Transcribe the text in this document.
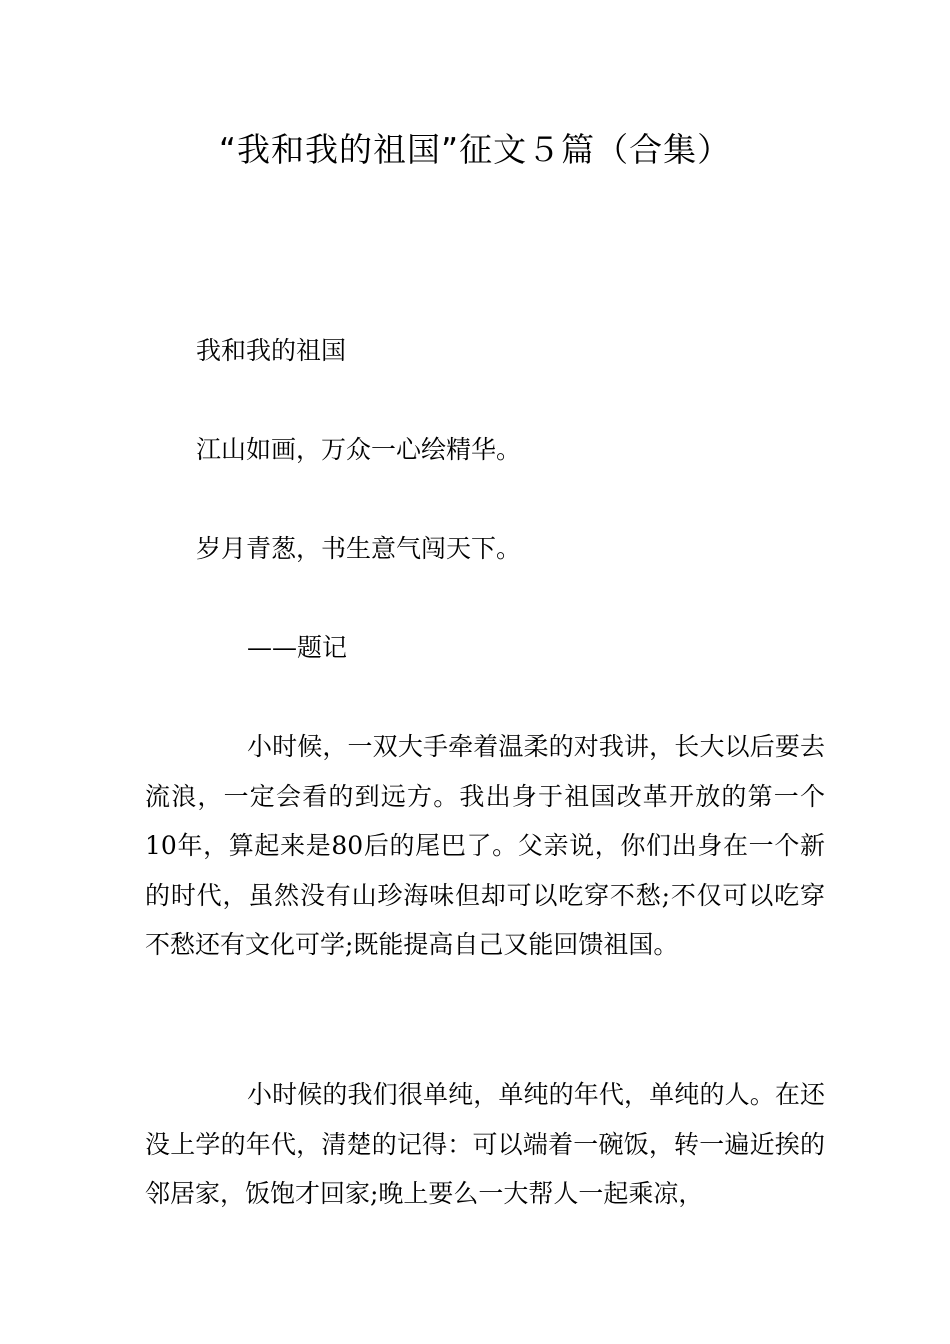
“我和我的祖国”征文５篇（合集）
我和我的祖国
江山如画，万众一心绘精华。
岁月青葱，书生意气闯天下。
——题记

小时候，一双大手牵着温柔的对我讲，长大以后要去流浪，一定会看的到远方。我出身于祖国改革开放的第一个10年，算起来是80后的尾巴了。父亲说，你们出身在一个新的时代，虽然没有山珍海味但却可以吃穿不愁;不仅可以吃穿不愁还有文化可学;既能提高自己又能回馈祖国。

小时候的我们很单纯，单纯的年代，单纯的人。在还没上学的年代，清楚的记得：可以端着一碗饭，转一遍近挨的邻居家，饭饱才回家;晚上要么一大帮人一起乘凉，
